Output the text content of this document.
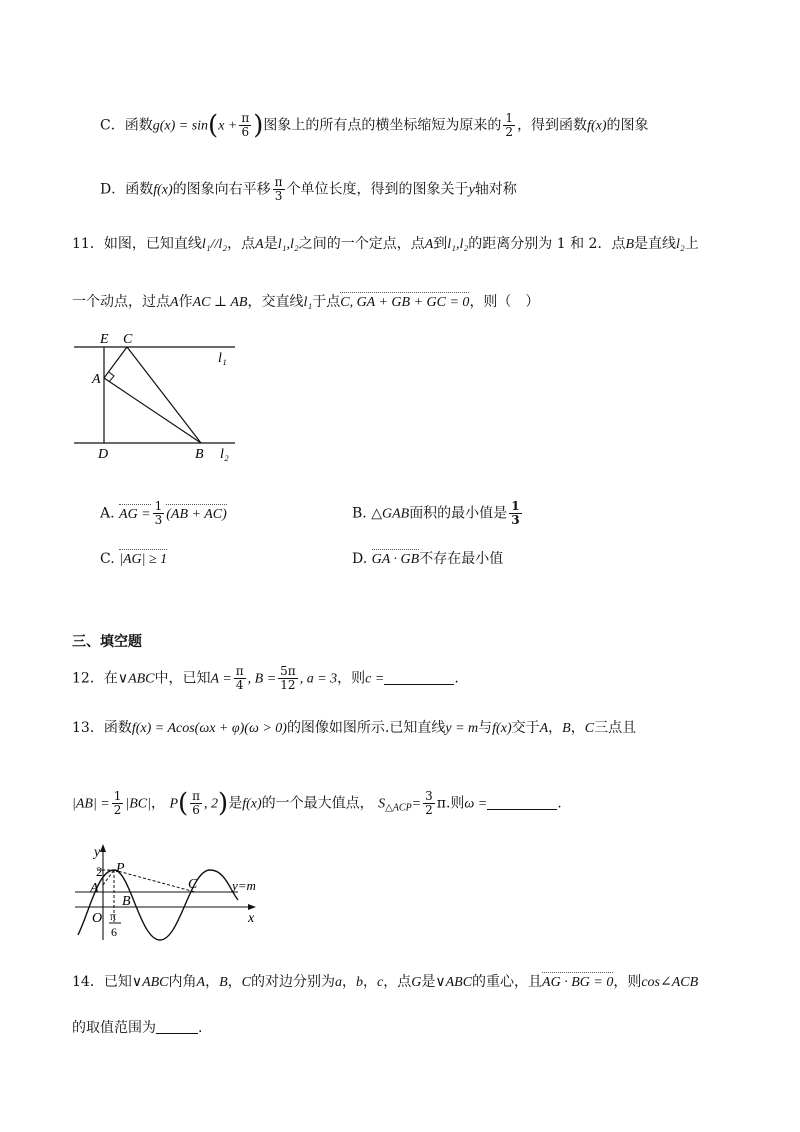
C．函数$g(x) = \sin(x + \frac{\pi}{6}$ )图象上的所有点的横坐标缩短为原来的 $\frac{1}{2}$ ，得到函数f(x)的图象
D．函数f(x)的图象向右平移 $\frac{\pi}{3}$ 个单位长度，得到的图象关于y轴对称
11．如图，已知直线l₁//l₂，点A是l₁,l₂之间的一个定点，点A到l₁,l₂的距离分别为 1 和 2．点B是直线l₂上
一个动点，过点A作AC ⊥ AB，交直线l₁于点C, GA + GB + GC = 0，则（　）
E C
A
D	B
l₁
l₂
A. AG = $\frac{1}{3} (AB + AC)$	B. △GAB面积的最小值是 $\frac{1}{3}$
C. |AG| ≥ 1	D. GA · GB不存在最小值
三、填空题
12．在∨ABC中，已知$A = \frac{\pi}{4}$ , $B = \frac{5\pi}{12}$ , a = 3，则c =	.
13．函数f(x) = Acos(ωx + φ)(ω > 0)的图像如图所示.已知直线y = m与f(x)交于A，B，C三点且
$|AB| = \frac{1}{2} |BC|$， $P( \frac{\pi}{6}$ , 2)是f(x)的一个最大值点， $S_{\triangle ACP}= \frac{3}{2} \pi$.则ω =	.
y
x
2 P
A
B
C	y=m
O π
6
14．已知∨ABC内角A，B，C的对边分别为a，b，c，点G是∨ABC的重心，且AG · BG = 0，则cos∠ACB
的取值范围为	.
